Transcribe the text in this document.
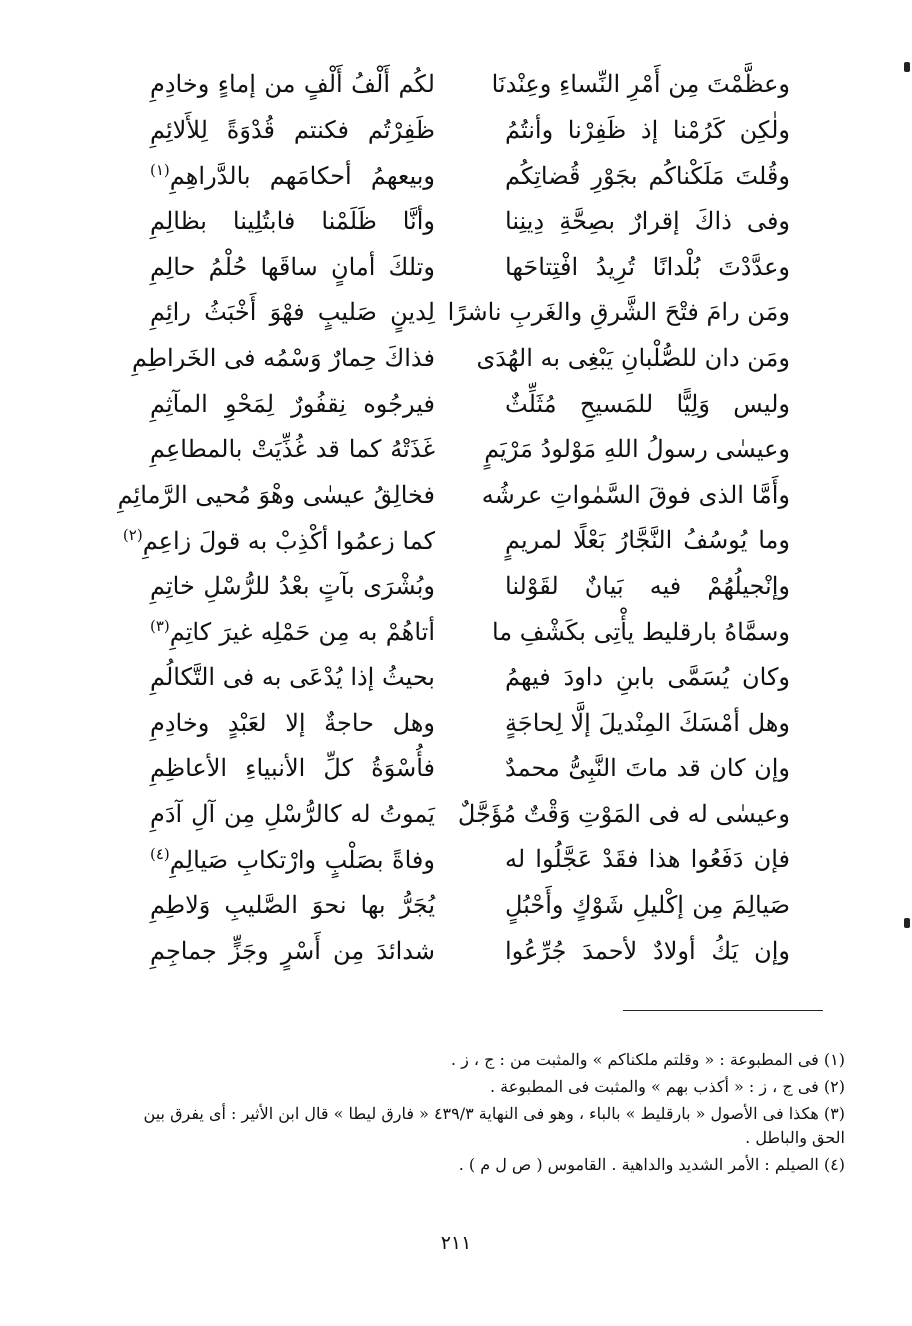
وعظَّمْتَ مِن أَمْرِ النِّساءِ وعِنْدنَا
لكُم أَلْفُ أَلْفٍ من إماءٍ وخادِمِ
ولٰكِن كَرُمْنا إذ ظَفِرْنا وأنتُمُ
ظَفِرْتُم فكنتم قُدْوَةً لِلأَلائِمِ
وقُلتَ مَلَكْناكُم بجَوْرِ قُضاتِكُم
وبيعهمُ أحكامَهم بالدَّراهِمِ$^{(١)}$
وفى ذاكَ إقرارٌ بصِحَّةِ دِينِنا
وأنَّا ظَلَمْنا فابتُلِينا بظالِمِ
وعدَّدْتَ بُلْدانًا تُرِيدُ افْتِتاحَها
وتلكَ أمانٍ ساقَها حُلْمُ حالِمِ
ومَن رامَ فتْحَ الشَّرقِ والغَربِ ناشرًا
لِدينٍ صَليبٍ فهْوَ أَخْبَثُ رائِمِ
ومَن دان للصُّلْبانِ يَبْغِى به الهُدَى
فذاكَ حِمارٌ وَسْمُه فى الخَراطِمِ
وليس وَلِيًّا للمَسيحِ مُثَلِّثٌ
فيرجُوه نِقفُورٌ لِمَحْوِ المآثِمِ
وعيسٰى رسولُ اللهِ مَوْلودُ مَرْيَمٍ
غَذَتْهُ كما قد غُذِّيَتْ بالمطاعِمِ
وأَمَّا الذى فوقَ السَّمٰواتِ عرشُه
فخالِقُ عيسٰى وهْوَ مُحيى الرَّمائِمِ
وما يُوسُفُ النَّجَّارُ بَعْلًا لمريمٍ
كما زعمُوا أكْذِبْ به قولَ زاعِمِ$^{(٢)}$
وإنْجيلُهُمْ فيه بَيانٌ لقَوْلنا
وبُشْرَى بآتٍ بعْدُ للرُّسْلِ خاتِمِ
وسمَّاهُ بارقليط يأْتِى بكَشْفِ ما
أتاهُمْ به مِن حَمْلِه غيرَ كاتِمِ$^{(٣)}$
وكان يُسَمَّى بابنِ داودَ فيهمُ
بحيثُ إذا يُدْعَى به فى التَّكالُمِ
وهل أمْسَكَ المِنْديلَ إلَّا لِحاجَةٍ
وهل حاجةٌ إلا لعَبْدٍ وخادِمِ
وإن كان قد ماتَ النَّبِىُّ محمدٌ
فأُسْوَةُ كلِّ الأنبياءِ الأعاظِمِ
وعيسٰى له فى المَوْتِ وَقْتٌ مُؤَجَّلٌ
يَموتُ له كالرُّسْلِ مِن آلِ آدَمِ
فإن دَفَعُوا هذا فقَدْ عَجَّلُوا له
وفاةً بصَلْبٍ وارْتكابِ صَيالِمِ$^{(٤)}$
صَيالِمَ مِن إكْليلِ شَوْكٍ وأَحْبُلٍ
يُجَرُّ بها نحوَ الصَّليبِ وَلاطِمِ
وإن يَكُ أولادٌ لأحمدَ جُرِّعُوا
شدائدَ مِن أَسْرٍ وجَزٍّ جماجِمِ
(١) فى المطبوعة : « وقلتم ملكناكم » والمثبت من : ج ، ز .
(٢) فى ج ، ز : « أكذب بهم » والمثبت فى المطبوعة .
(٣) هكذا فى الأصول « بارقليط » بالباء ، وهو فى النهاية ٤٣٩/٣ « فارق ليطا » قال ابن الأثير : أى يفرق بين الحق والباطل .
(٤) الصيلم : الأمر الشديد والداهية . القاموس ( ص ل م ) .
٢١١
